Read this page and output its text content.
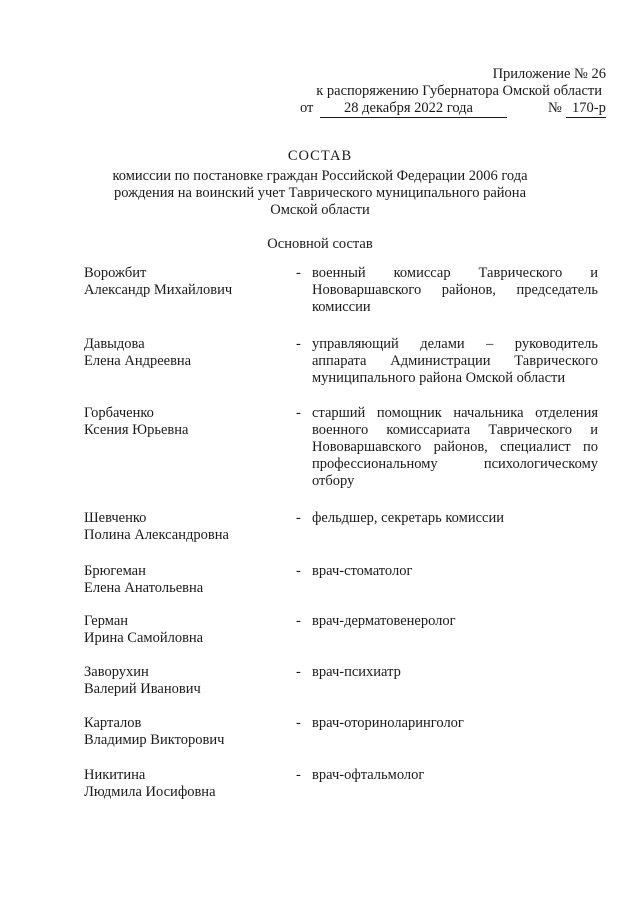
Приложение № 26
к распоряжению Губернатора Омской области
от	28 декабря 2022 года	№ 170-р
СОСТАВ
комиссии по постановке граждан Российской Федерации 2006 года рождения на воинский учет Таврического муниципального района Омской области
Основной состав
Ворожбит
Александр Михайлович
- военный комиссар Таврического и Нововаршавского районов, председатель комиссии
Давыдова
Елена Андреевна
- управляющий делами – руководитель аппарата Администрации Таврического муниципального района Омской области
Горбаченко
Ксения Юрьевна
- старший помощник начальника отделения военного комиссариата Таврического и Нововаршавского районов, специалист по профессиональному психологическому отбору
Шевченко
Полина Александровна
- фельдшер, секретарь комиссии
Брюгеман
Елена Анатольевна
- врач-стоматолог
Герман
Ирина Самойловна
- врач-дерматовенеролог
Заворухин
Валерий Иванович
- врач-психиатр
Карталов
Владимир Викторович
- врач-оториноларинголог
Никитина
Людмила Иосифовна
- врач-офтальмолог
